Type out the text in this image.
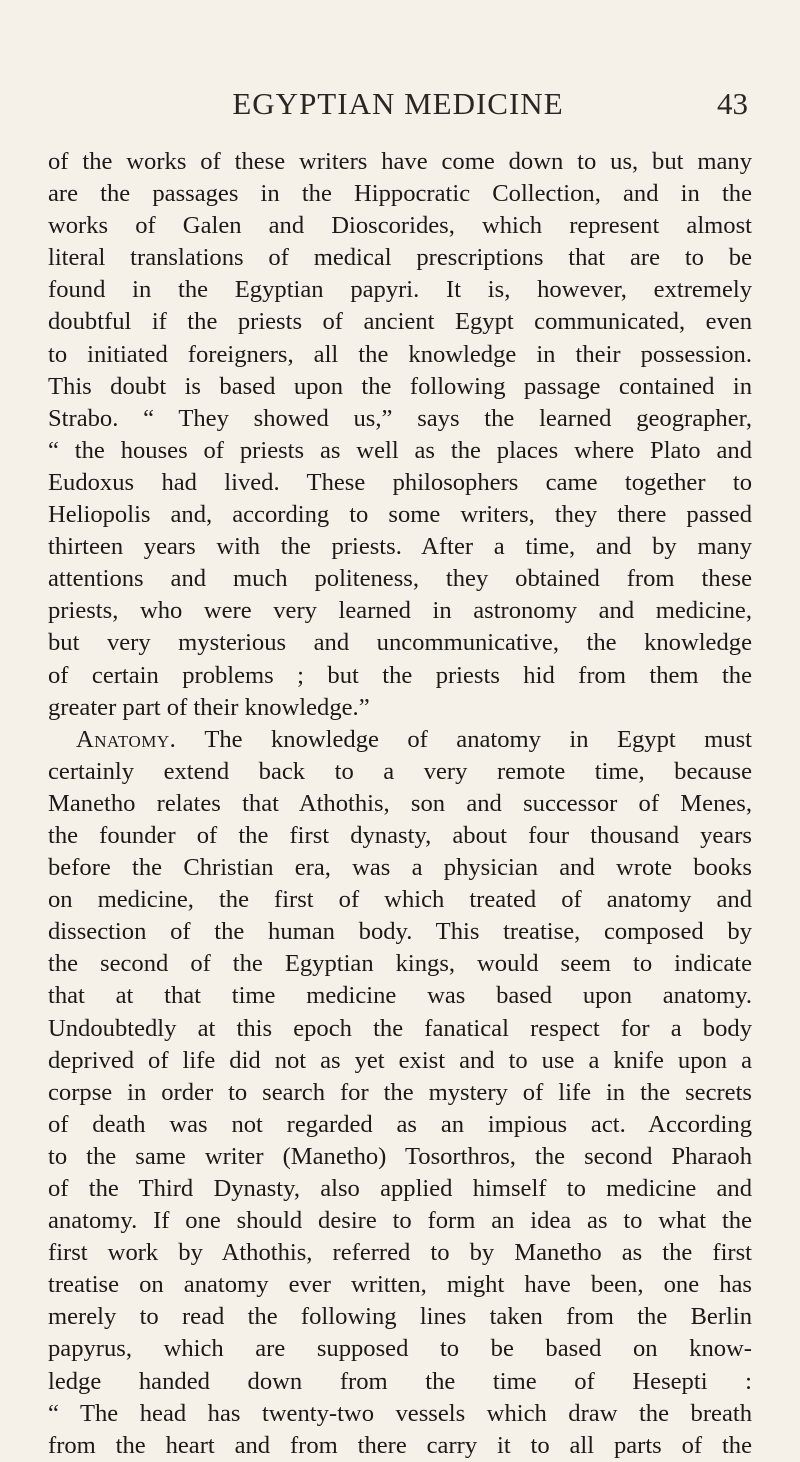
EGYPTIAN MEDICINE	43
of the works of these writers have come down to us, but many
are the passages in the Hippocratic Collection, and in the
works of Galen and Dioscorides, which represent almost
literal translations of medical prescriptions that are to be
found in the Egyptian papyri. It is, however, extremely
doubtful if the priests of ancient Egypt communicated, even
to initiated foreigners, all the knowledge in their possession.
This doubt is based upon the following passage contained in
Strabo. “ They showed us,” says the learned geographer,
“ the houses of priests as well as the places where Plato and
Eudoxus had lived. These philosophers came together to
Heliopolis and, according to some writers, they there passed
thirteen years with the priests. After a time, and by many
attentions and much politeness, they obtained from these
priests, who were very learned in astronomy and medicine,
but very mysterious and uncommunicative, the knowledge
of certain problems ; but the priests hid from them the
greater part of their knowledge.”
Anatomy. The knowledge of anatomy in Egypt must
certainly extend back to a very remote time, because
Manetho relates that Athothis, son and successor of Menes,
the founder of the first dynasty, about four thousand years
before the Christian era, was a physician and wrote books
on medicine, the first of which treated of anatomy and
dissection of the human body. This treatise, composed by
the second of the Egyptian kings, would seem to indicate
that at that time medicine was based upon anatomy.
Undoubtedly at this epoch the fanatical respect for a body
deprived of life did not as yet exist and to use a knife upon a
corpse in order to search for the mystery of life in the secrets
of death was not regarded as an impious act. According
to the same writer (Manetho) Tosorthros, the second Pharaoh
of the Third Dynasty, also applied himself to medicine and
anatomy. If one should desire to form an idea as to what the
first work by Athothis, referred to by Manetho as the first
treatise on anatomy ever written, might have been, one has
merely to read the following lines taken from the Berlin
papyrus, which are supposed to be based on know-
ledge handed down from the time of Hesepti :
“ The head has twenty-two vessels which draw the breath
from the heart and from there carry it to all parts of the
